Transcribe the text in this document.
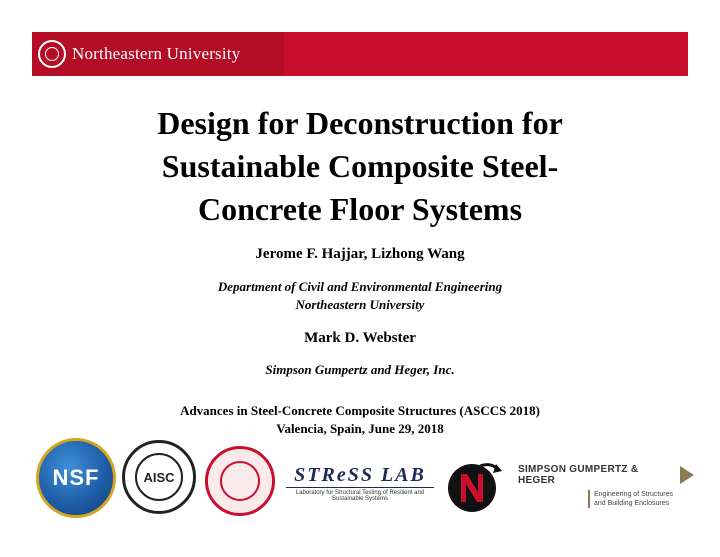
Northeastern University
Design for Deconstruction for
Sustainable Composite Steel-
Concrete Floor Systems
Jerome F. Hajjar, Lizhong Wang
Department of Civil and Environmental Engineering
Northeastern University
Mark D. Webster
Simpson Gumpertz and Heger, Inc.
Advances in Steel-Concrete Composite Structures (ASCCS 2018)
Valencia, Spain, June 29, 2018
NSF	AISC	STReSS LAB
Laboratory for Structural Testing of Resilient and Sustainable Systems
SIMPSON GUMPERTZ & HEGER
Engineering of Structures
and Building Enclosures
